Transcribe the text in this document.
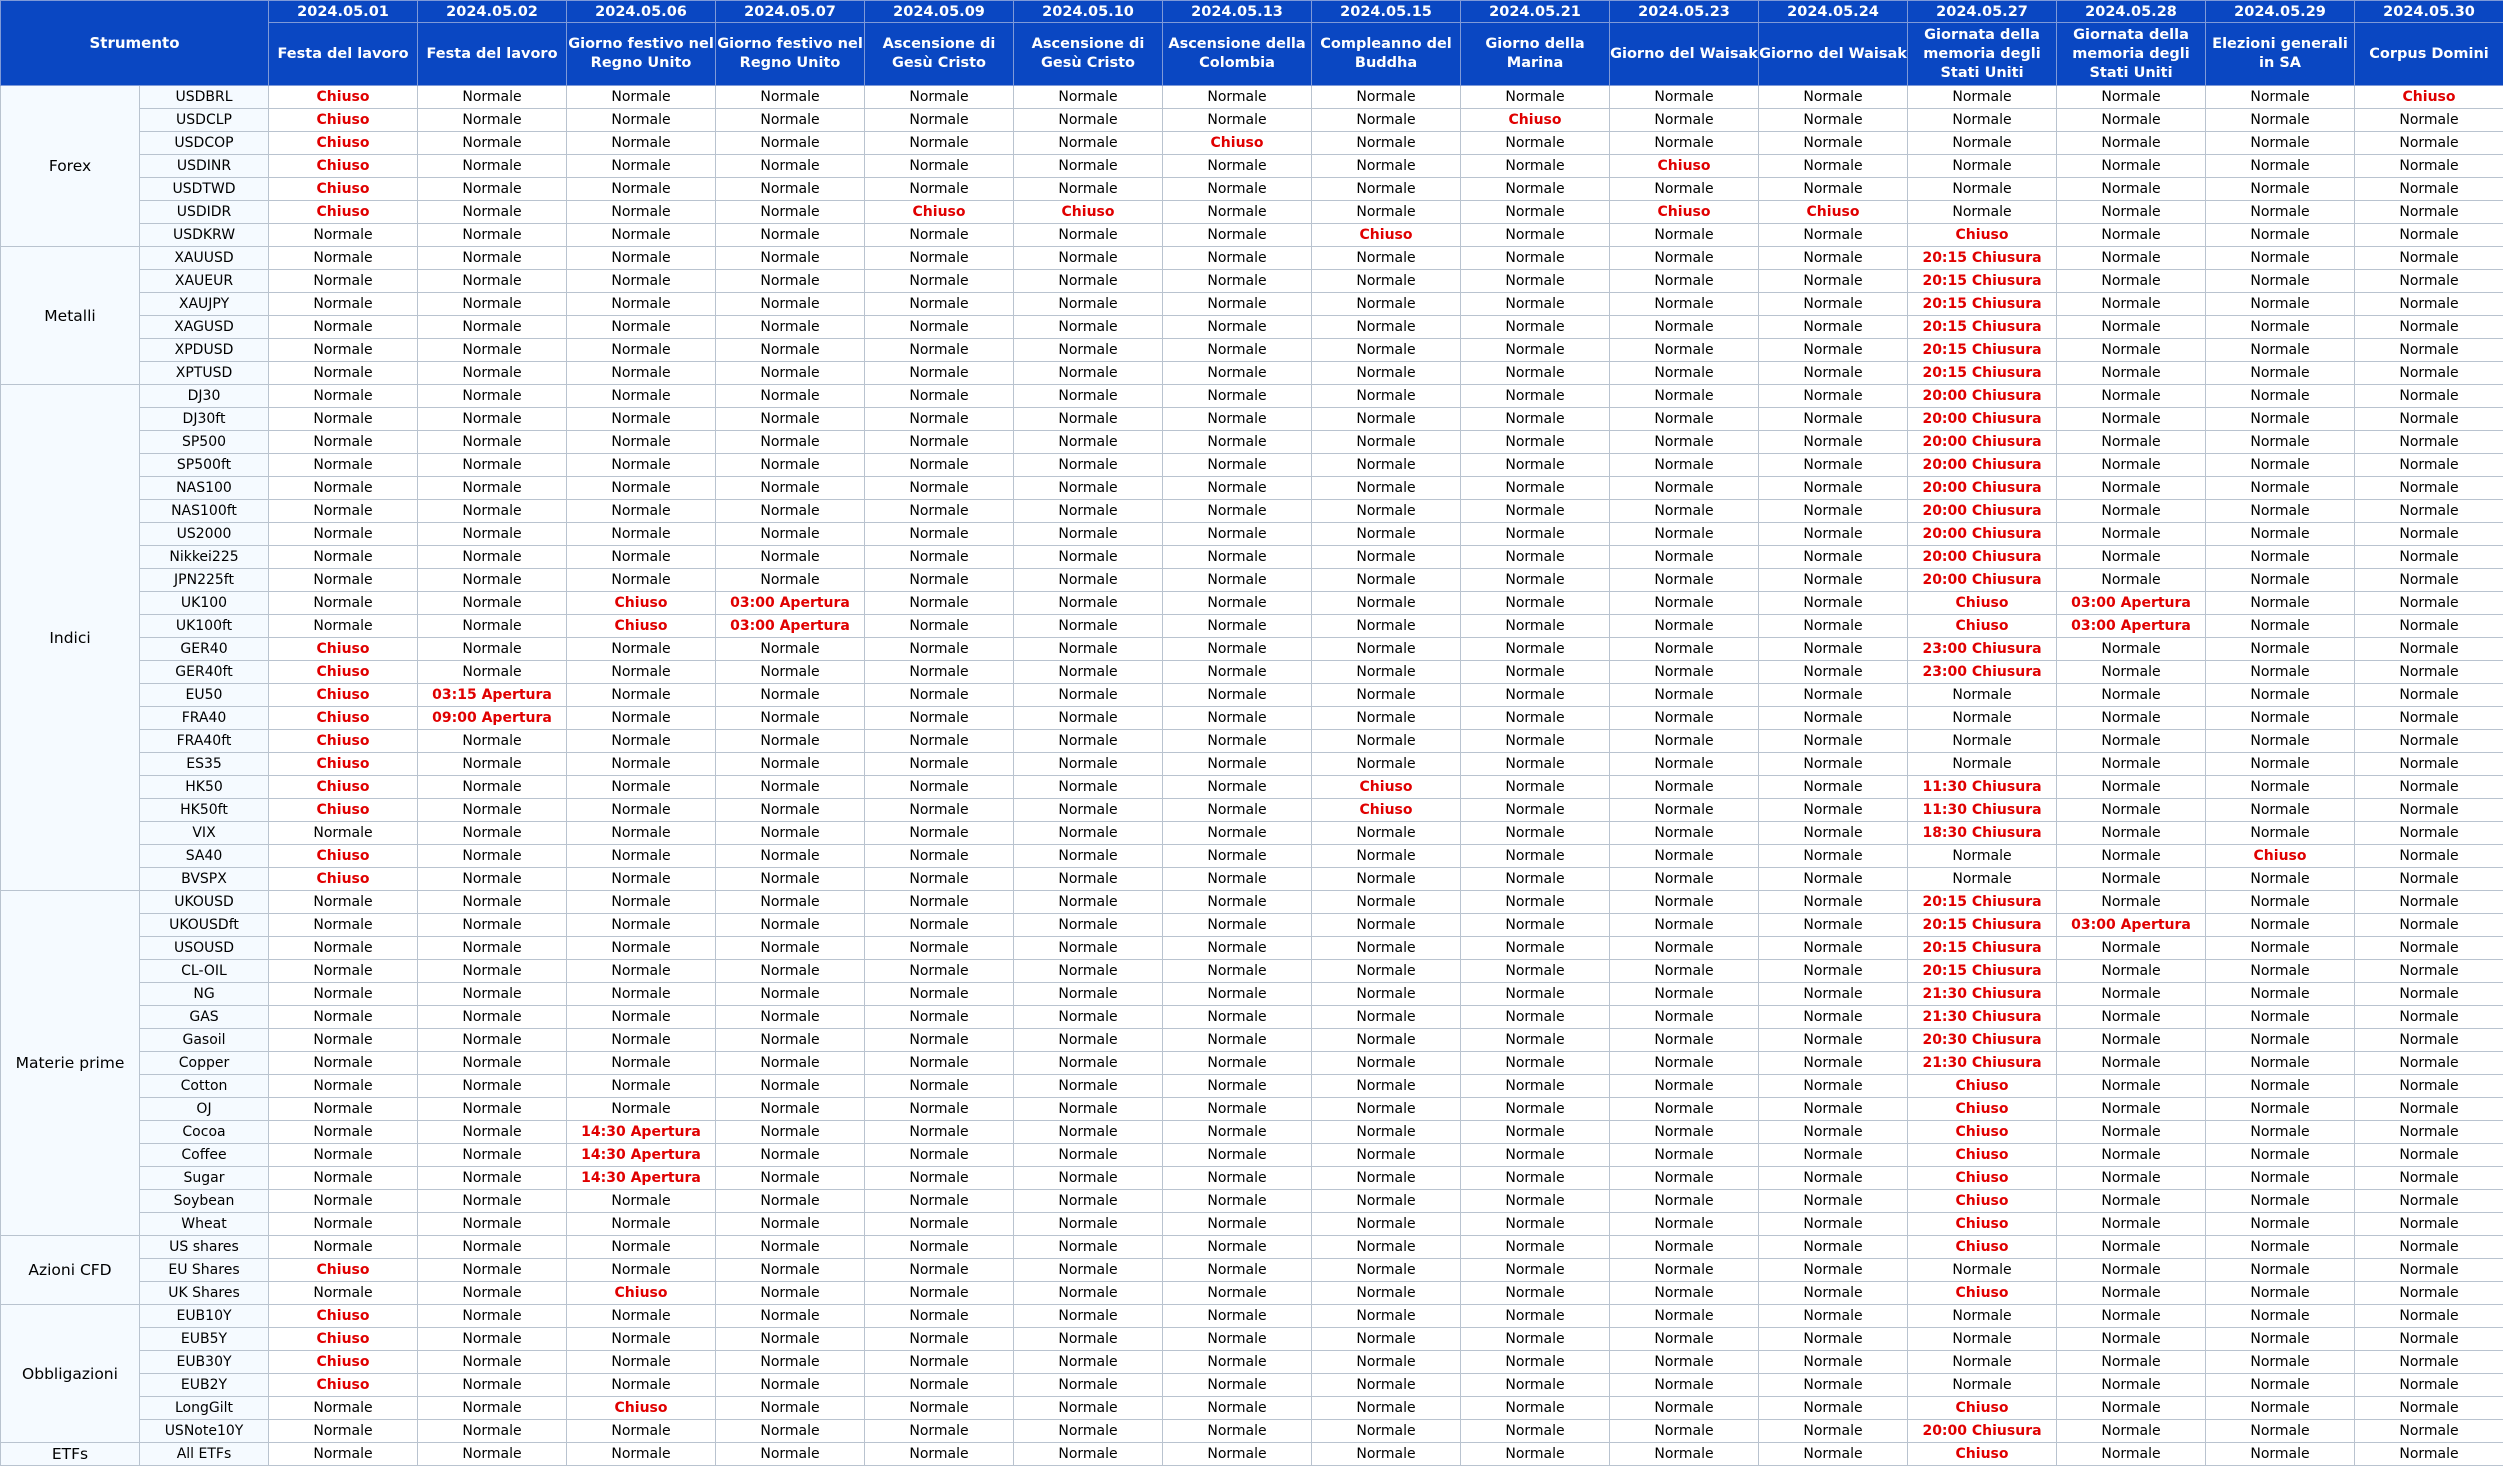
Strumento		2024.05.01	2024.05.02	2024.05.06	2024.05.07	2024.05.09	2024.05.10	2024.05.13	2024.05.15	2024.05.21	2024.05.23	2024.05.24	2024.05.27	2024.05.28	2024.05.29	2024.05.30
		Festa del lavoro	Festa del lavoro	Giorno festivo nel Regno Unito	Giorno festivo nel Regno Unito	Ascensione di Gesù Cristo	Ascensione di Gesù Cristo	Ascensione della Colombia	Compleanno del Buddha	Giorno della Marina	Giorno del Waisak	Giorno del Waisak	Giornata della memoria degli Stati Uniti	Giornata della memoria degli Stati Uniti	Elezioni generali in SA	Corpus Domini
Forex	USDBRL	Chiuso	Normale	Normale	Normale	Normale	Normale	Normale	Normale	Normale	Normale	Normale	Normale	Normale	Normale	Chiuso
	USDCLP	Chiuso	Normale	Normale	Normale	Normale	Normale	Normale	Normale	Chiuso	Normale	Normale	Normale	Normale	Normale	Normale
	USDCOP	Chiuso	Normale	Normale	Normale	Normale	Normale	Chiuso	Normale	Normale	Normale	Normale	Normale	Normale	Normale	Normale
	USDINR	Chiuso	Normale	Normale	Normale	Normale	Normale	Normale	Normale	Normale	Chiuso	Normale	Normale	Normale	Normale	Normale
	USDTWD	Chiuso	Normale	Normale	Normale	Normale	Normale	Normale	Normale	Normale	Normale	Normale	Normale	Normale	Normale	Normale
	USDIDR	Chiuso	Normale	Normale	Normale	Chiuso	Chiuso	Normale	Normale	Normale	Chiuso	Chiuso	Normale	Normale	Normale	Normale
	USDKRW	Normale	Normale	Normale	Normale	Normale	Normale	Normale	Chiuso	Normale	Normale	Normale	Chiuso	Normale	Normale	Normale
Metalli	XAUUSD	Normale	Normale	Normale	Normale	Normale	Normale	Normale	Normale	Normale	Normale	Normale	20:15 Chiusura	Normale	Normale	Normale
	XAUEUR	Normale	Normale	Normale	Normale	Normale	Normale	Normale	Normale	Normale	Normale	Normale	20:15 Chiusura	Normale	Normale	Normale
	XAUJPY	Normale	Normale	Normale	Normale	Normale	Normale	Normale	Normale	Normale	Normale	Normale	20:15 Chiusura	Normale	Normale	Normale
	XAGUSD	Normale	Normale	Normale	Normale	Normale	Normale	Normale	Normale	Normale	Normale	Normale	20:15 Chiusura	Normale	Normale	Normale
	XPDUSD	Normale	Normale	Normale	Normale	Normale	Normale	Normale	Normale	Normale	Normale	Normale	20:15 Chiusura	Normale	Normale	Normale
	XPTUSD	Normale	Normale	Normale	Normale	Normale	Normale	Normale	Normale	Normale	Normale	Normale	20:15 Chiusura	Normale	Normale	Normale
Indici	DJ30	Normale	Normale	Normale	Normale	Normale	Normale	Normale	Normale	Normale	Normale	Normale	20:00 Chiusura	Normale	Normale	Normale
	DJ30ft	Normale	Normale	Normale	Normale	Normale	Normale	Normale	Normale	Normale	Normale	Normale	20:00 Chiusura	Normale	Normale	Normale
	SP500	Normale	Normale	Normale	Normale	Normale	Normale	Normale	Normale	Normale	Normale	Normale	20:00 Chiusura	Normale	Normale	Normale
	SP500ft	Normale	Normale	Normale	Normale	Normale	Normale	Normale	Normale	Normale	Normale	Normale	20:00 Chiusura	Normale	Normale	Normale
	NAS100	Normale	Normale	Normale	Normale	Normale	Normale	Normale	Normale	Normale	Normale	Normale	20:00 Chiusura	Normale	Normale	Normale
	NAS100ft	Normale	Normale	Normale	Normale	Normale	Normale	Normale	Normale	Normale	Normale	Normale	20:00 Chiusura	Normale	Normale	Normale
	US2000	Normale	Normale	Normale	Normale	Normale	Normale	Normale	Normale	Normale	Normale	Normale	20:00 Chiusura	Normale	Normale	Normale
	Nikkei225	Normale	Normale	Normale	Normale	Normale	Normale	Normale	Normale	Normale	Normale	Normale	20:00 Chiusura	Normale	Normale	Normale
	JPN225ft	Normale	Normale	Normale	Normale	Normale	Normale	Normale	Normale	Normale	Normale	Normale	20:00 Chiusura	Normale	Normale	Normale
	UK100	Normale	Normale	Chiuso	03:00 Apertura	Normale	Normale	Normale	Normale	Normale	Normale	Normale	Chiuso	03:00 Apertura	Normale	Normale
	UK100ft	Normale	Normale	Chiuso	03:00 Apertura	Normale	Normale	Normale	Normale	Normale	Normale	Normale	Chiuso	03:00 Apertura	Normale	Normale
	GER40	Chiuso	Normale	Normale	Normale	Normale	Normale	Normale	Normale	Normale	Normale	Normale	23:00 Chiusura	Normale	Normale	Normale
	GER40ft	Chiuso	Normale	Normale	Normale	Normale	Normale	Normale	Normale	Normale	Normale	Normale	23:00 Chiusura	Normale	Normale	Normale
	EU50	Chiuso	03:15 Apertura	Normale	Normale	Normale	Normale	Normale	Normale	Normale	Normale	Normale	Normale	Normale	Normale	Normale
	FRA40	Chiuso	09:00 Apertura	Normale	Normale	Normale	Normale	Normale	Normale	Normale	Normale	Normale	Normale	Normale	Normale	Normale
	FRA40ft	Chiuso	Normale	Normale	Normale	Normale	Normale	Normale	Normale	Normale	Normale	Normale	Normale	Normale	Normale	Normale
	ES35	Chiuso	Normale	Normale	Normale	Normale	Normale	Normale	Normale	Normale	Normale	Normale	Normale	Normale	Normale	Normale
	HK50	Chiuso	Normale	Normale	Normale	Normale	Normale	Normale	Chiuso	Normale	Normale	Normale	11:30 Chiusura	Normale	Normale	Normale
	HK50ft	Chiuso	Normale	Normale	Normale	Normale	Normale	Normale	Chiuso	Normale	Normale	Normale	11:30 Chiusura	Normale	Normale	Normale
	VIX	Normale	Normale	Normale	Normale	Normale	Normale	Normale	Normale	Normale	Normale	Normale	18:30 Chiusura	Normale	Normale	Normale
	SA40	Chiuso	Normale	Normale	Normale	Normale	Normale	Normale	Normale	Normale	Normale	Normale	Normale	Normale	Chiuso	Normale
	BVSPX	Chiuso	Normale	Normale	Normale	Normale	Normale	Normale	Normale	Normale	Normale	Normale	Normale	Normale	Normale	Normale
Materie prime	UKOUSD	Normale	Normale	Normale	Normale	Normale	Normale	Normale	Normale	Normale	Normale	Normale	20:15 Chiusura	Normale	Normale	Normale
	UKOUSDft	Normale	Normale	Normale	Normale	Normale	Normale	Normale	Normale	Normale	Normale	Normale	20:15 Chiusura	03:00 Apertura	Normale	Normale
	USOUSD	Normale	Normale	Normale	Normale	Normale	Normale	Normale	Normale	Normale	Normale	Normale	20:15 Chiusura	Normale	Normale	Normale
	CL-OIL	Normale	Normale	Normale	Normale	Normale	Normale	Normale	Normale	Normale	Normale	Normale	20:15 Chiusura	Normale	Normale	Normale
	NG	Normale	Normale	Normale	Normale	Normale	Normale	Normale	Normale	Normale	Normale	Normale	21:30 Chiusura	Normale	Normale	Normale
	GAS	Normale	Normale	Normale	Normale	Normale	Normale	Normale	Normale	Normale	Normale	Normale	21:30 Chiusura	Normale	Normale	Normale
	Gasoil	Normale	Normale	Normale	Normale	Normale	Normale	Normale	Normale	Normale	Normale	Normale	20:30 Chiusura	Normale	Normale	Normale
	Copper	Normale	Normale	Normale	Normale	Normale	Normale	Normale	Normale	Normale	Normale	Normale	21:30 Chiusura	Normale	Normale	Normale
	Cotton	Normale	Normale	Normale	Normale	Normale	Normale	Normale	Normale	Normale	Normale	Normale	Chiuso	Normale	Normale	Normale
	OJ	Normale	Normale	Normale	Normale	Normale	Normale	Normale	Normale	Normale	Normale	Normale	Chiuso	Normale	Normale	Normale
	Cocoa	Normale	Normale	14:30 Apertura	Normale	Normale	Normale	Normale	Normale	Normale	Normale	Normale	Chiuso	Normale	Normale	Normale
	Coffee	Normale	Normale	14:30 Apertura	Normale	Normale	Normale	Normale	Normale	Normale	Normale	Normale	Chiuso	Normale	Normale	Normale
	Sugar	Normale	Normale	14:30 Apertura	Normale	Normale	Normale	Normale	Normale	Normale	Normale	Normale	Chiuso	Normale	Normale	Normale
	Soybean	Normale	Normale	Normale	Normale	Normale	Normale	Normale	Normale	Normale	Normale	Normale	Chiuso	Normale	Normale	Normale
	Wheat	Normale	Normale	Normale	Normale	Normale	Normale	Normale	Normale	Normale	Normale	Normale	Chiuso	Normale	Normale	Normale
Azioni CFD	US shares	Normale	Normale	Normale	Normale	Normale	Normale	Normale	Normale	Normale	Normale	Normale	Chiuso	Normale	Normale	Normale
	EU Shares	Chiuso	Normale	Normale	Normale	Normale	Normale	Normale	Normale	Normale	Normale	Normale	Normale	Normale	Normale	Normale
	UK Shares	Normale	Normale	Chiuso	Normale	Normale	Normale	Normale	Normale	Normale	Normale	Normale	Chiuso	Normale	Normale	Normale
Obbligazioni	EUB10Y	Chiuso	Normale	Normale	Normale	Normale	Normale	Normale	Normale	Normale	Normale	Normale	Normale	Normale	Normale	Normale
	EUB5Y	Chiuso	Normale	Normale	Normale	Normale	Normale	Normale	Normale	Normale	Normale	Normale	Normale	Normale	Normale	Normale
	EUB30Y	Chiuso	Normale	Normale	Normale	Normale	Normale	Normale	Normale	Normale	Normale	Normale	Normale	Normale	Normale	Normale
	EUB2Y	Chiuso	Normale	Normale	Normale	Normale	Normale	Normale	Normale	Normale	Normale	Normale	Normale	Normale	Normale	Normale
	LongGilt	Normale	Normale	Chiuso	Normale	Normale	Normale	Normale	Normale	Normale	Normale	Normale	Chiuso	Normale	Normale	Normale
	USNote10Y	Normale	Normale	Normale	Normale	Normale	Normale	Normale	Normale	Normale	Normale	Normale	20:00 Chiusura	Normale	Normale	Normale
ETFs	All ETFs	Normale	Normale	Normale	Normale	Normale	Normale	Normale	Normale	Normale	Normale	Normale	Chiuso	Normale	Normale	Normale
